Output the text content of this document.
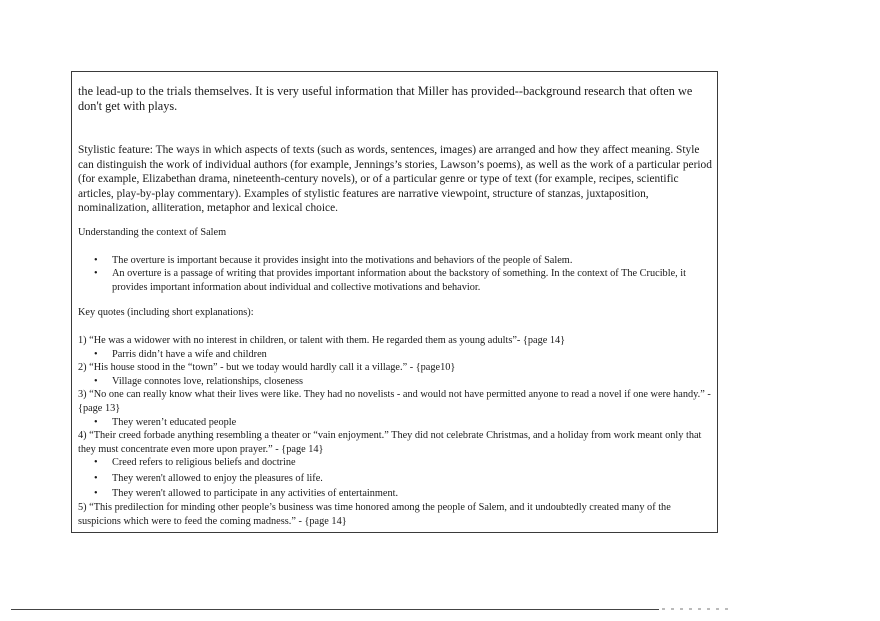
the lead-up to the trials themselves. It is very useful information that Miller has provided--background research that often we don't get with plays.

Stylistic feature: The ways in which aspects of texts (such as words, sentences, images) are arranged and how they affect meaning. Style can distinguish the work of individual authors (for example, Jennings’s stories, Lawson’s poems), as well as the work of a particular period (for example, Elizabethan drama, nineteenth-century novels), or of a particular genre or type of text (for example, recipes, scientific articles, play-by-play commentary). Examples of stylistic features are narrative viewpoint, structure of stanzas, juxtaposition, nominalization, alliteration, metaphor and lexical choice.

Understanding the context of Salem

• The overture is important because it provides insight into the motivations and behaviors of the people of Salem.
• An overture is a passage of writing that provides important information about the backstory of something. In the context of The Crucible, it provides important information about individual and collective motivations and behavior.

Key quotes (including short explanations):

1) “He was a widower with no interest in children, or talent with them. He regarded them as young adults”- {page 14}

• Parris didn’t have a wife and children

2) “His house stood in the “town” - but we today would hardly call it a village.” - {page10}

• Village connotes love, relationships, closeness

3) “No one can really know what their lives were like. They had no novelists - and would not have permitted anyone to read a novel if one were handy.” - {page 13}

• They weren’t educated people

4) “Their creed forbade anything resembling a theater or “vain enjoyment.” They did not celebrate Christmas, and a holiday from work meant only that they must concentrate even more upon prayer.” - {page 14}

• Creed refers to religious beliefs and doctrine
• They weren't allowed to enjoy the pleasures of life.
• They weren't allowed to participate in any activities of entertainment.

5) “This predilection for minding other people’s business was time honored among the people of Salem, and it undoubtedly created many of the suspicions which were to feed the coming madness.” - {page 14}
